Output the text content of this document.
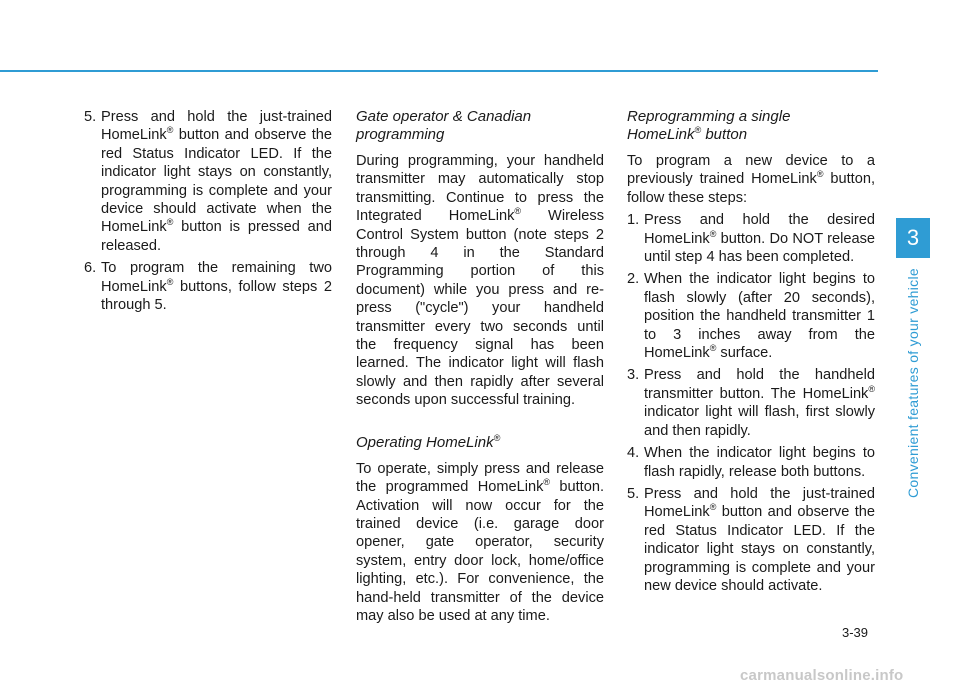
5. Press and hold the just-trained HomeLink® button and observe the red Status Indicator LED. If the indicator light stays on constantly, programming is complete and your device should activate when the HomeLink® button is pressed and released.
6. To program the remaining two HomeLink® buttons, follow steps 2 through 5.

Gate operator & Canadian programming

During programming, your handheld transmitter may automatically stop transmitting. Continue to press the Integrated HomeLink® Wireless Control System button (note steps 2 through 4 in the Standard Programming portion of this document) while you press and re-press ("cycle") your handheld transmitter every two seconds until the frequency signal has been learned. The indicator light will flash slowly and then rapidly after several seconds upon successful training.

Operating HomeLink®

To operate, simply press and release the programmed HomeLink® button. Activation will now occur for the trained device (i.e. garage door opener, gate operator, security system, entry door lock, home/office lighting, etc.). For convenience, the hand-held transmitter of the device may also be used at any time.

Reprogramming a single
HomeLink® button

To program a new device to a previously trained HomeLink® button, follow these steps:

1. Press and hold the desired HomeLink® button. Do NOT release until step 4 has been completed.
2. When the indicator light begins to flash slowly (after 20 seconds), position the handheld transmitter 1 to 3 inches away from the HomeLink® surface.
3. Press and hold the handheld transmitter button. The HomeLink® indicator light will flash, first slowly and then rapidly.
4. When the indicator light begins to flash rapidly, release both buttons.
5. Press and hold the just-trained HomeLink® button and observe the red Status Indicator LED. If the indicator light stays on constantly, programming is complete and your new device should activate.
3
Convenient features of your vehicle
3-39
carmanualsonline.info
